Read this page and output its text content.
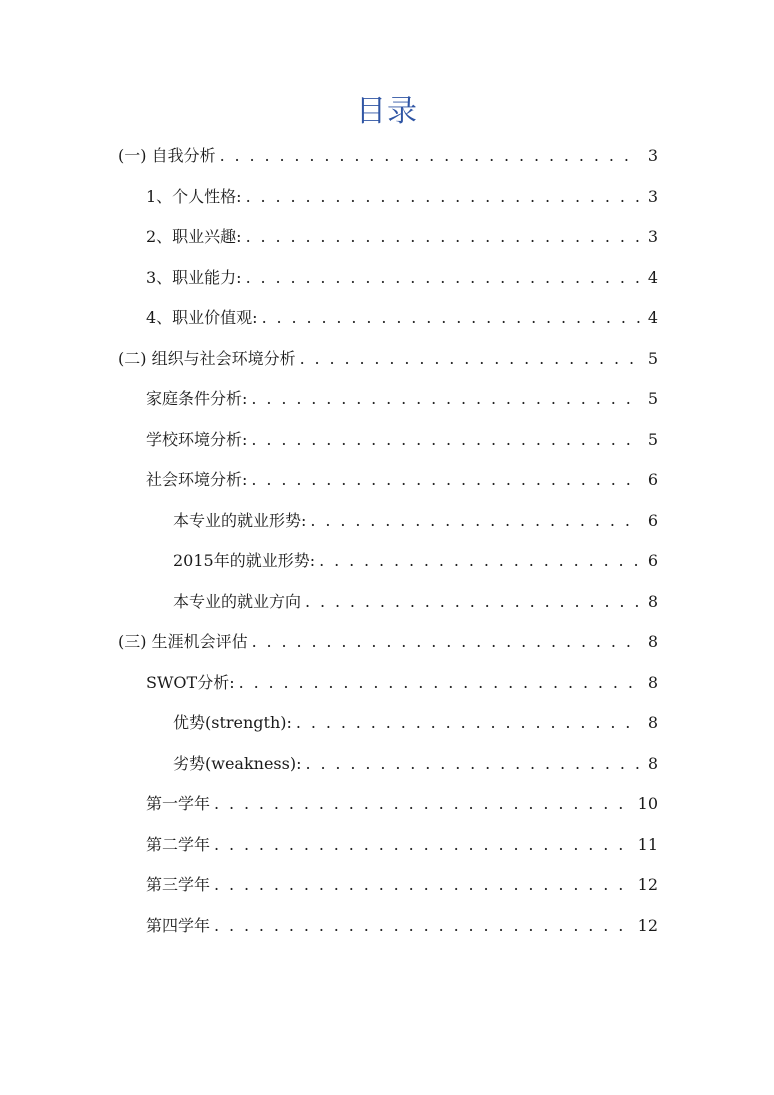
目录
(一) 自我分析 . . .	3
1、个人性格: . . .	3
2、职业兴趣: . . .	3
3、职业能力: . . .	4
4、职业价值观: . . .	4
(二) 组织与社会环境分析 . . .	5
家庭条件分析: . . .	5
学校环境分析: . . .	5
社会环境分析: . . .	6
本专业的就业形势: . . .	6
2015年的就业形势: . . .	6
本专业的就业方向 . . .	8
(三) 生涯机会评估 . . .	8
SWOT分析: . . .	8
优势(strength): . . .	8
劣势(weakness): . . .	8
第一学年 . . .	10
第二学年 . . .	11
第三学年 . . .	12
第四学年 . . .	12
